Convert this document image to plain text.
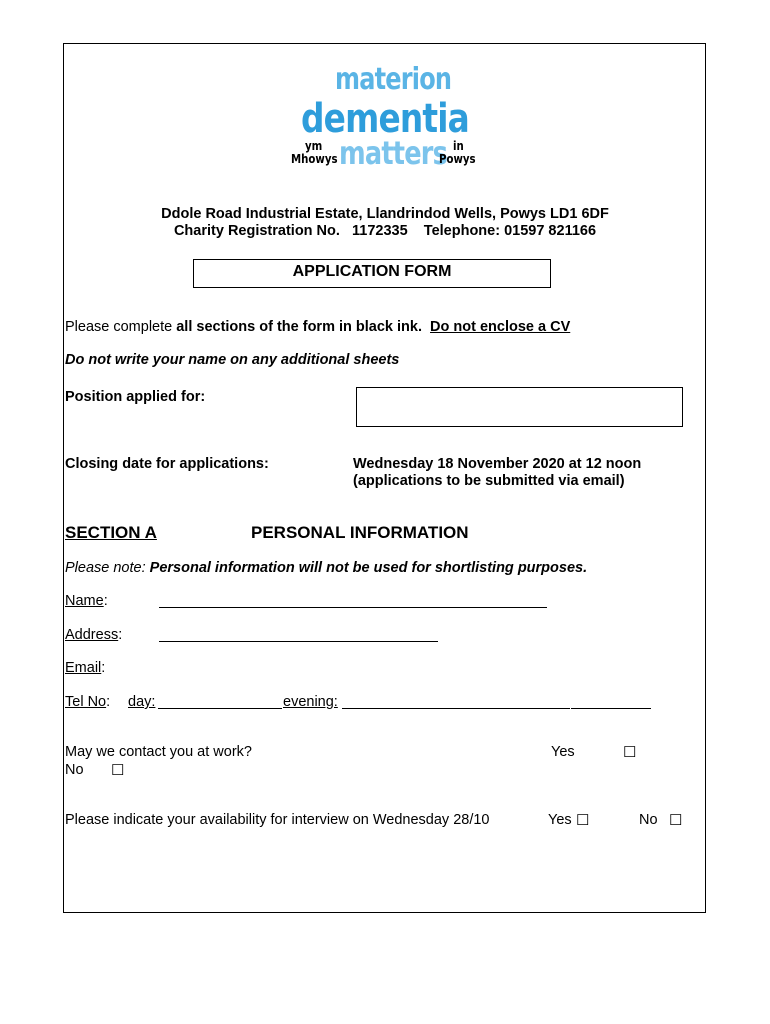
materion
dementia
ym
Mhowys matters in
Powys
Ddole Road Industrial Estate, Llandrindod Wells, Powys LD1 6DF
Charity Registration No. 1172335 Telephone: 01597 821166
APPLICATION FORM
Please complete all sections of the form in black ink. Do not enclose a CV
Do not write your name on any additional sheets
Position applied for:
Closing date for applications:	Wednesday 18 November 2020 at 12 noon
(applications to be submitted via email)
SECTION A	PERSONAL INFORMATION
Please note: Personal information will not be used for shortlisting purposes.
Name:
Address:
Email:
Tel No: day:	evening:
May we contact you at work?	Yes	☐
No ☐
Please indicate your availability for interview on Wednesday 28/10	Yes ☐	No ☐
